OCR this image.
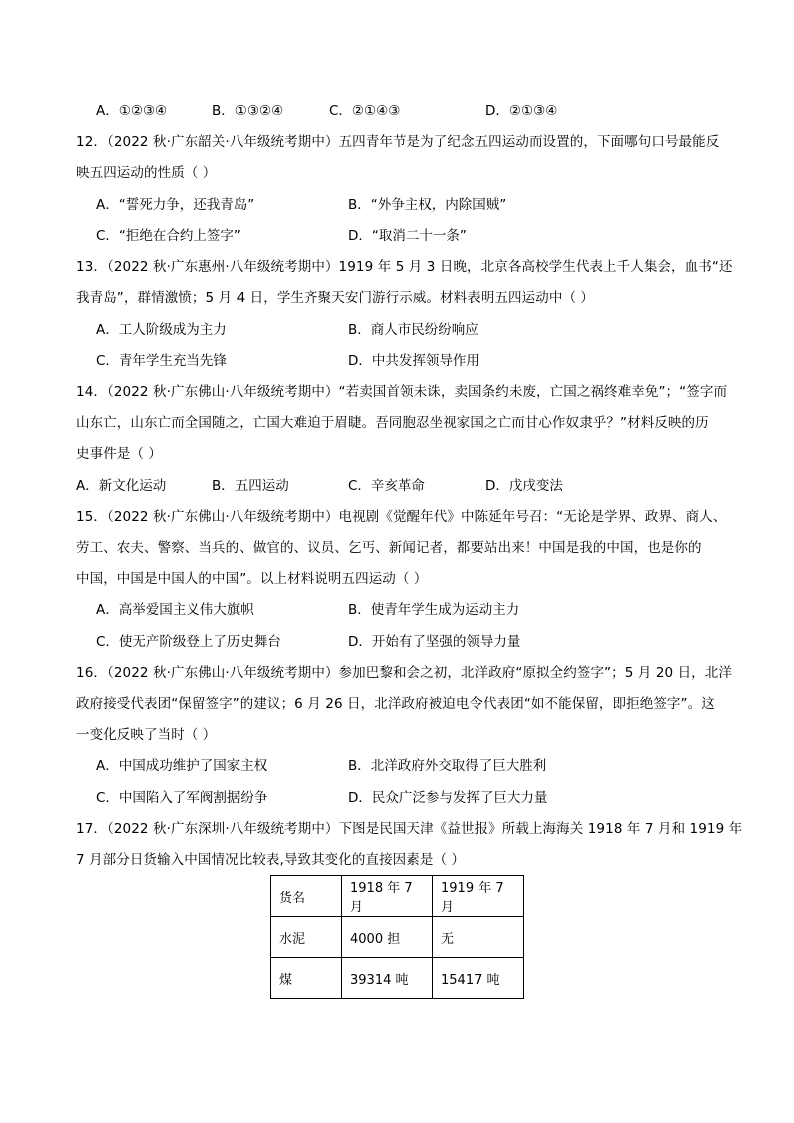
A．①②③④	B．①③②④	C．②①④③	D．②①③④
12．（2022 秋·广东韶关·八年级统考期中）五四青年节是为了纪念五四运动而设置的，下面哪句口号最能反
映五四运动的性质（ ）
A．“誓死力争，还我青岛”	B．“外争主权，内除国贼”
C．“拒绝在合约上签字”	D．“取消二十一条”
13．（2022 秋·广东惠州·八年级统考期中）1919 年 5 月 3 日晚，北京各高校学生代表上千人集会，血书“还
我青岛”，群情激愤；5 月 4 日，学生齐聚天安门游行示威。材料表明五四运动中（ ）
A．工人阶级成为主力	B．商人市民纷纷响应
C．青年学生充当先锋	D．中共发挥领导作用
14．（2022 秋·广东佛山·八年级统考期中）“若卖国首领未诛，卖国条约未废，亡国之祸终难幸免”；“签字而
山东亡，山东亡而全国随之，亡国大难迫于眉睫。吾同胞忍坐视家国之亡而甘心作奴隶乎？”材料反映的历
史事件是（ ）
A．新文化运动	B．五四运动	C．辛亥革命	D．戊戌变法
15．（2022 秋·广东佛山·八年级统考期中）电视剧《觉醒年代》中陈延年号召：“无论是学界、政界、商人、
劳工、农夫、警察、当兵的、做官的、议员、乞丐、新闻记者，都要站出来！中国是我的中国，也是你的
中国，中国是中国人的中国”。以上材料说明五四运动（ ）
A．高举爱国主义伟大旗帜	B．使青年学生成为运动主力
C．使无产阶级登上了历史舞台	D．开始有了坚强的领导力量
16．（2022 秋·广东佛山·八年级统考期中）参加巴黎和会之初，北洋政府“原拟全约签字”；5 月 20 日，北洋
政府接受代表团“保留签字”的建议；6 月 26 日，北洋政府被迫电令代表团“如不能保留，即拒绝签字”。这
一变化反映了当时（ ）
A．中国成功维护了国家主权	B．北洋政府外交取得了巨大胜利
C．中国陷入了军阀割据纷争	D．民众广泛参与发挥了巨大力量
17．（2022 秋·广东深圳·八年级统考期中）下图是民国天津《益世报》所载上海海关 1918 年 7 月和 1919 年
7 月部分日货输入中国情况比较表,导致其变化的直接因素是（ ）
货名	1918 年 7 月	1919 年 7 月
水泥	4000 担	无
煤	39314 吨	15417 吨
